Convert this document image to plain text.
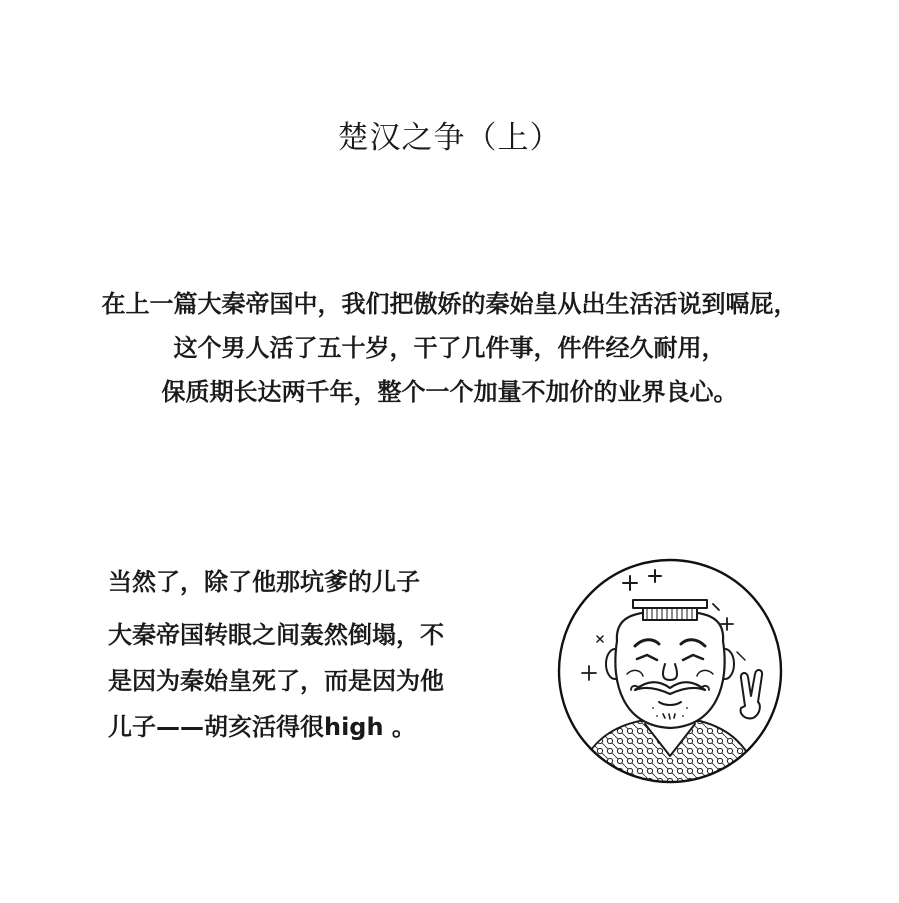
楚汉之争（上）
在上一篇大秦帝国中，我们把傲娇的秦始皇从出生活活说到嗝屁，
这个男人活了五十岁，干了几件事，件件经久耐用，
保质期长达两千年，整个一个加量不加价的业界良心。
当然了，除了他那坑爹的儿子
大秦帝国转眼之间轰然倒塌，不
是因为秦始皇死了，而是因为他
儿子——胡亥活得很high 。
